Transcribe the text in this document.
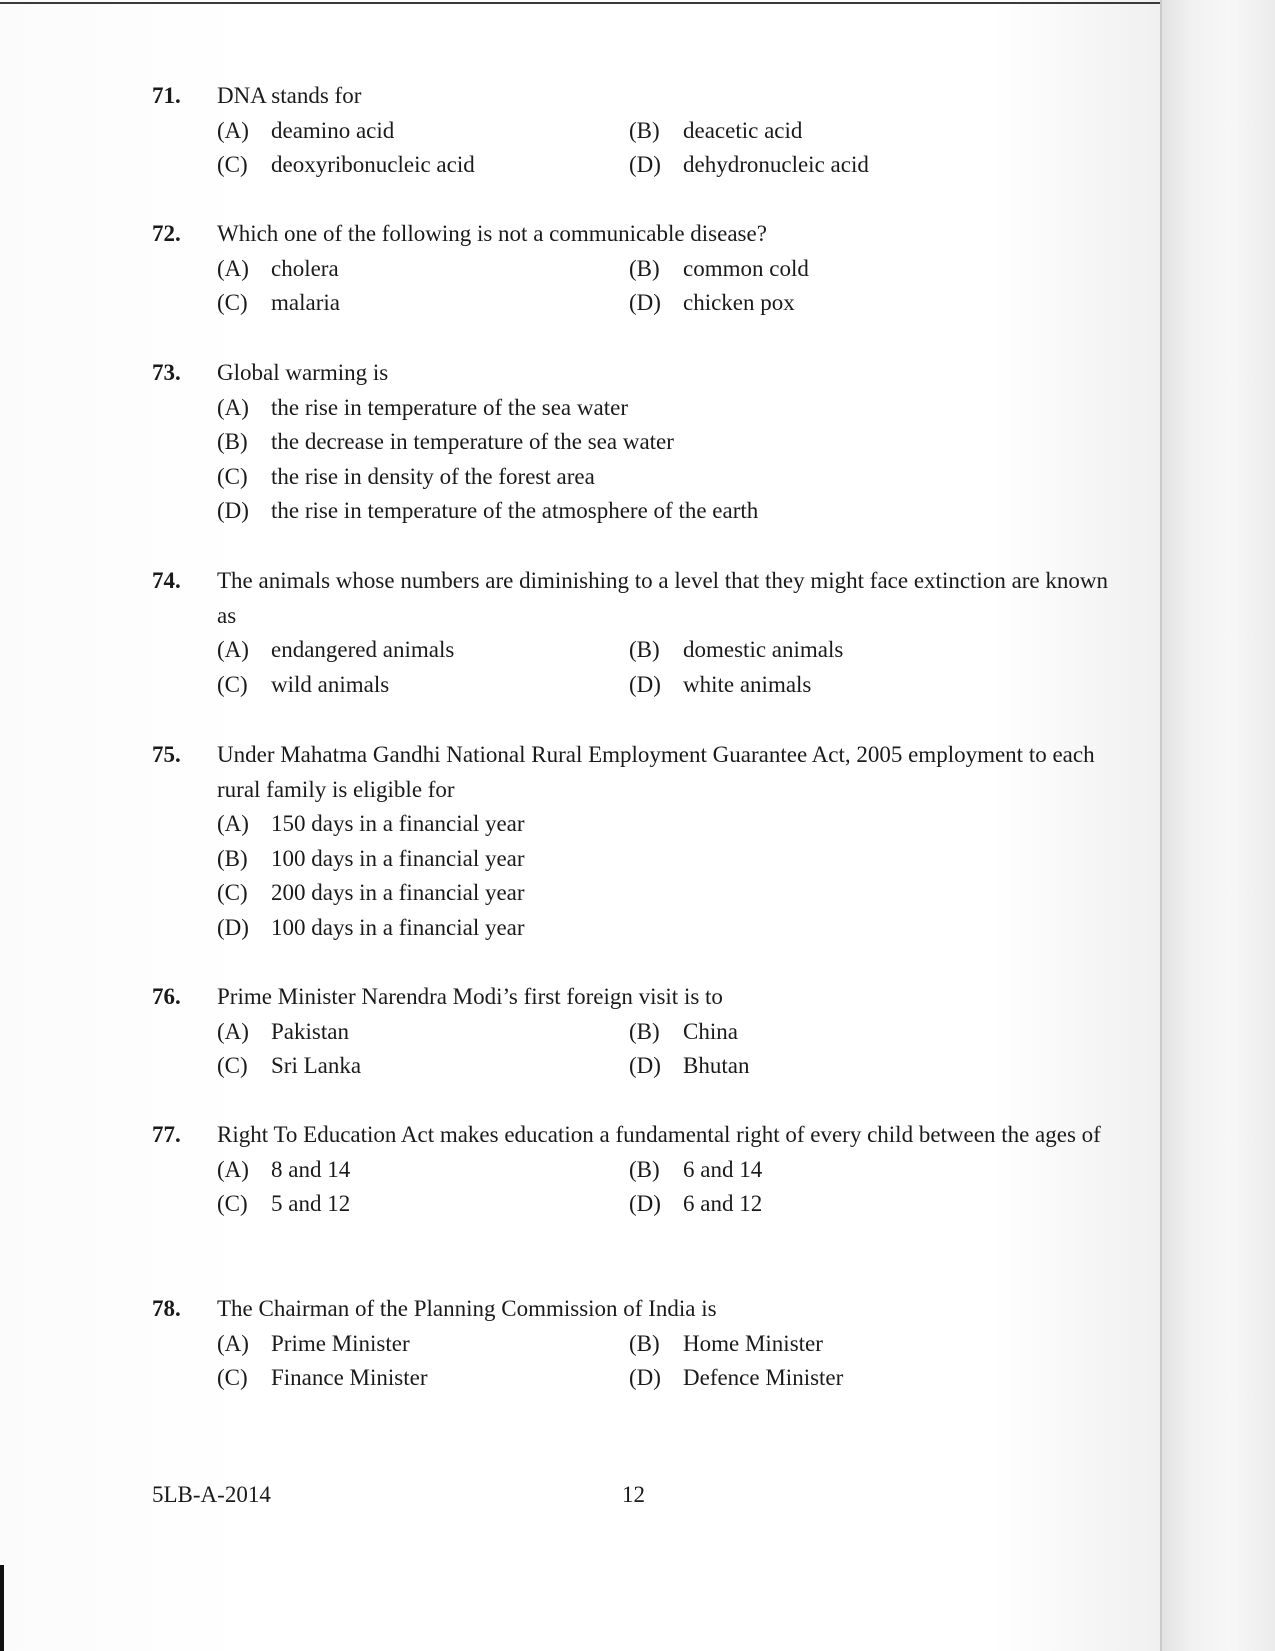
71. DNA stands for
(A) deamino acid	(B)	deacetic acid
(C)	deoxyribonucleic acid	(D) dehydronucleic acid
72. Which one of the following is not a communicable disease?
(A) cholera	(B)	common cold
(C)	malaria	(D) chicken pox
73. Global warming is
(A) the rise in temperature of the sea water
(B)	the decrease in temperature of the sea water
(C)	the rise in density of the forest area
(D) the rise in temperature of the atmosphere of the earth
74. The animals whose numbers are diminishing to a level that they might face extinction are known as
(A) endangered animals	(B)	domestic animals
(C)	wild animals	(D) white animals
75. Under Mahatma Gandhi National Rural Employment Guarantee Act, 2005 employment to each rural family is eligible for
(A) 150 days in a financial year
(B)	100 days in a financial year
(C)	200 days in a financial year
(D) 100 days in a financial year
76. Prime Minister Narendra Modi’s first foreign visit is to
(A) Pakistan	(B)	China
(C)	Sri Lanka	(D) Bhutan
77. Right To Education Act makes education a fundamental right of every child between the ages of
(A) 8 and 14	(B)	6 and 14
(C)	5 and 12	(D) 6 and 12
78. The Chairman of the Planning Commission of India is
(A) Prime Minister	(B)	Home Minister
(C)	Finance Minister	(D) Defence Minister
5LB-A-2014	12
